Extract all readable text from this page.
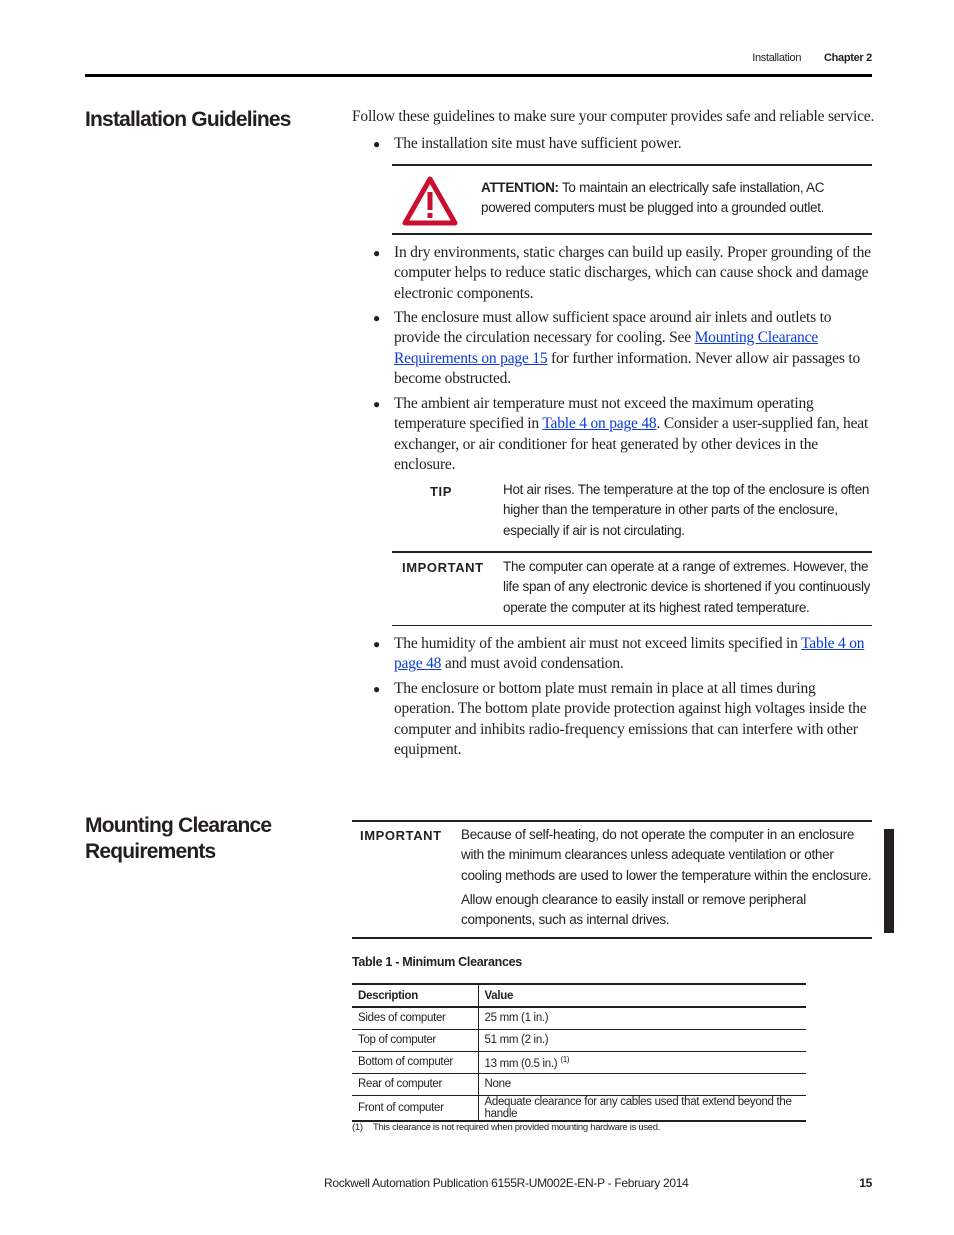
Installation Chapter 2
Installation Guidelines	Follow these guidelines to make sure your computer provides safe and reliable service.
● The installation site must have sufficient power.
ATTENTION: To maintain an electrically safe installation, AC powered computers must be plugged into a grounded outlet.
● In dry environments, static charges can build up easily. Proper grounding of the computer helps to reduce static discharges, which can cause shock and damage electronic components.
● The enclosure must allow sufficient space around air inlets and outlets to provide the circulation necessary for cooling. See Mounting Clearance Requirements on page 15 for further information. Never allow air passages to become obstructed.
● The ambient air temperature must not exceed the maximum operating temperature specified in Table 4 on page 48. Consider a user-supplied fan, heat exchanger, or air conditioner for heat generated by other devices in the enclosure.
TIP	Hot air rises. The temperature at the top of the enclosure is often higher than the temperature in other parts of the enclosure, especially if air is not circulating.
IMPORTANT The computer can operate at a range of extremes. However, the life span of any electronic device is shortened if you continuously operate the computer at its highest rated temperature.
● The humidity of the ambient air must not exceed limits specified in Table 4 on page 48 and must avoid condensation.
● The enclosure or bottom plate must remain in place at all times during operation. The bottom plate provide protection against high voltages inside the computer and inhibits radio-frequency emissions that can interfere with other equipment.
Mounting Clearance
Requirements
IMPORTANT Because of self-heating, do not operate the computer in an enclosure with the minimum clearances unless adequate ventilation or other cooling methods are used to lower the temperature within the enclosure.
Allow enough clearance to easily install or remove peripheral components, such as internal drives.
Table 1 - Minimum Clearances
Description	Value
Sides of computer	25 mm (1 in.)
Top of computer	51 mm (2 in.)
Bottom of computer	13 mm (0.5 in.) $^{(1)}$
Rear of computer	None
Front of computer	Adequate clearance for any cables used that extend beyond the handle
(1) This clearance is not required when provided mounting hardware is used.
Rockwell Automation Publication 6155R-UM002E-EN-P - February 2014	15
